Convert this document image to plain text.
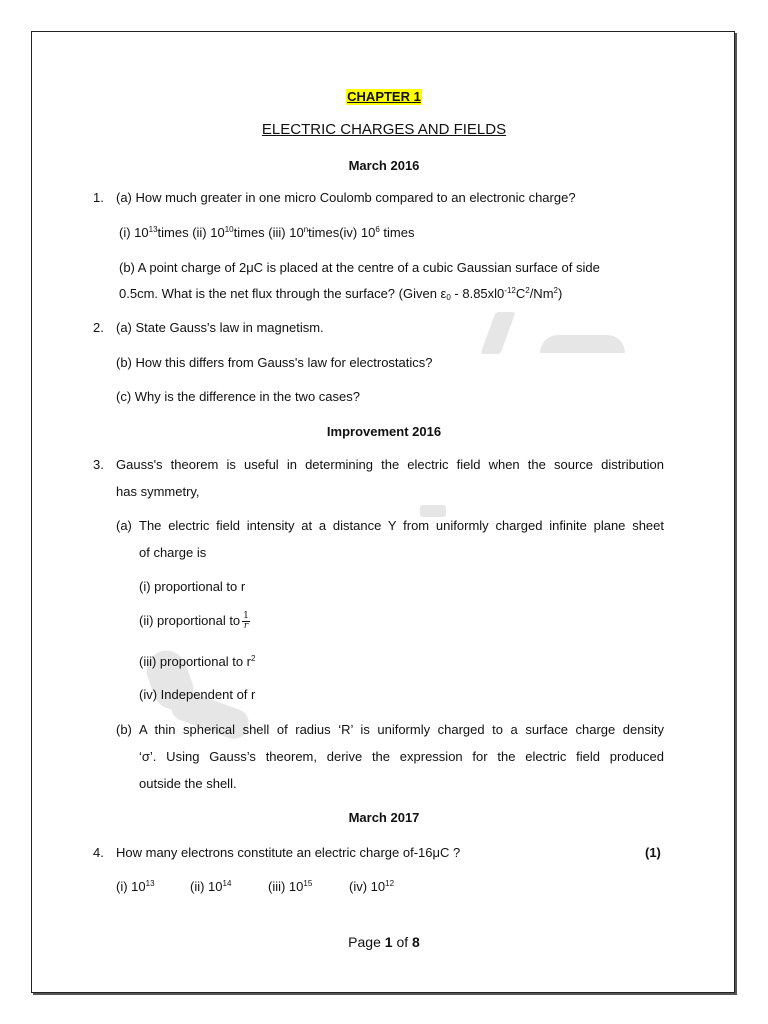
CHAPTER 1
ELECTRIC CHARGES AND FIELDS
March 2016
1. (a) How much greater in one micro Coulomb compared to an electronic charge?
(i) $10^{13}times$ (ii) $10^{10}times$ (iii) 10$^n$times(iv) $10^6$ times
(b) A point charge of 2μC is placed at the centre of a cubic Gaussian surface of side
0.5cm. What is the net flux through the surface? (Given $\varepsilon_0 - 8.85xl0^{-12}C^2/Nm^2$)
2. (a) State Gauss's law in magnetism.
(b) How this differs from Gauss's law for electrostatics?
(c) Why is the difference in the two cases?
Improvement 2016
3. Gauss's theorem is useful in determining the electric field when the source distribution
has symmetry,
(a) The electric field intensity at a distance Y from uniformly charged infinite plane sheet
of charge is
(i) proportional to r
(ii) proportional to $\frac{1}{r}$
(iii) proportional to $r^2$
(iv) Independent of r
(b) A thin spherical shell of radius ‘R’ is uniformly charged to a surface charge density
‘σ’. Using Gauss’s theorem, derive the expression for the electric field produced
outside the shell.
March 2017
4. How many electrons constitute an electric charge of-16μC ?	(1)
(i) $10^{13}$	(ii) $10^{14}$	(iii) $10^{15}$	(iv) $10^{12}$
Page 1 of 8
